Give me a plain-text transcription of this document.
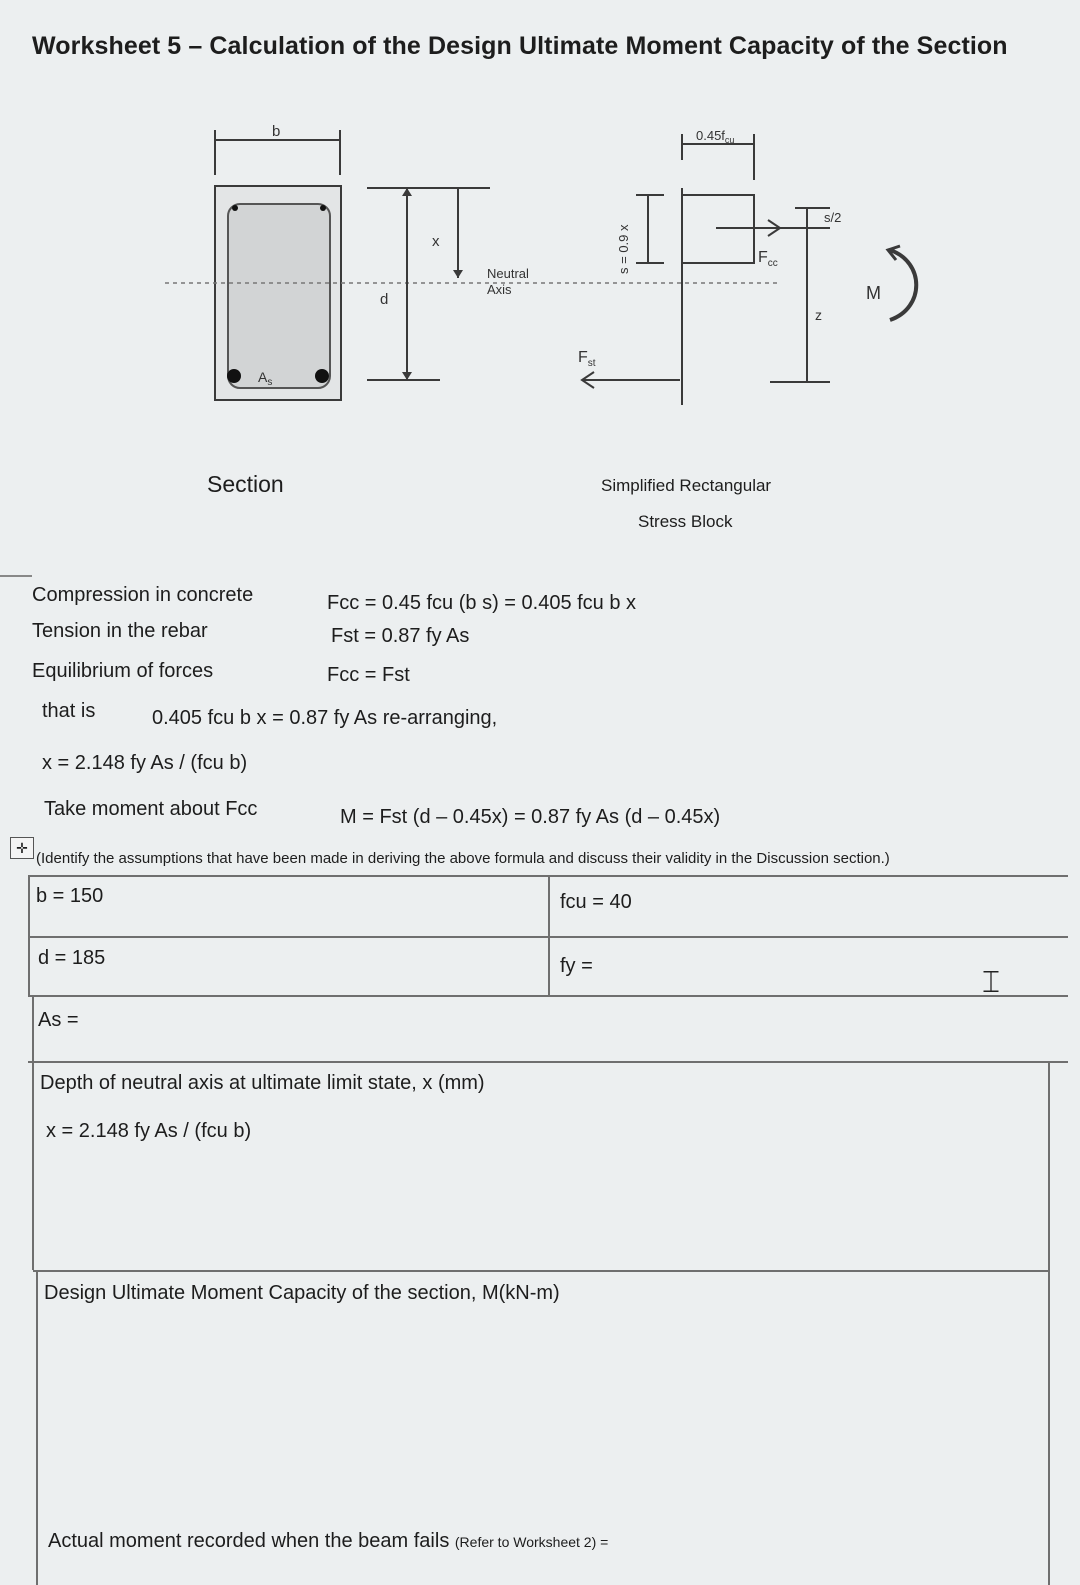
Worksheet 5 – Calculation of the Design Ultimate Moment Capacity of the Section
b
$A_s$
d
x
Neutral
Axis
s = 0.9 x
$0.45f_{cu}$
$F_{cc}$
$F_{st}$
s/2
z
M
Section	Simplified Rectangular
Stress Block
Compression in concrete	Fcc = 0.45 fcu (b s) = 0.405 fcu b x
Tension in the rebar	Fst = 0.87 fy As
Equilibrium of forces	Fcc = Fst
that is	0.405 fcu b x = 0.87 fy As re-arranging,
x = 2.148 fy As / (fcu b)
Take moment about Fcc	M = Fst (d – 0.45x) = 0.87 fy As (d – 0.45x)
✛
(Identify the assumptions that have been made in deriving the above formula and discuss their validity in the Discussion section.)
b = 150	fcu = 40
d = 185	fy =
As =
Depth of neutral axis at ultimate limit state, x (mm)
x = 2.148 fy As / (fcu b)
Design Ultimate Moment Capacity of the section, M(kN-m)
Actual moment recorded when the beam fails (Refer to Worksheet 2) =
⌶
